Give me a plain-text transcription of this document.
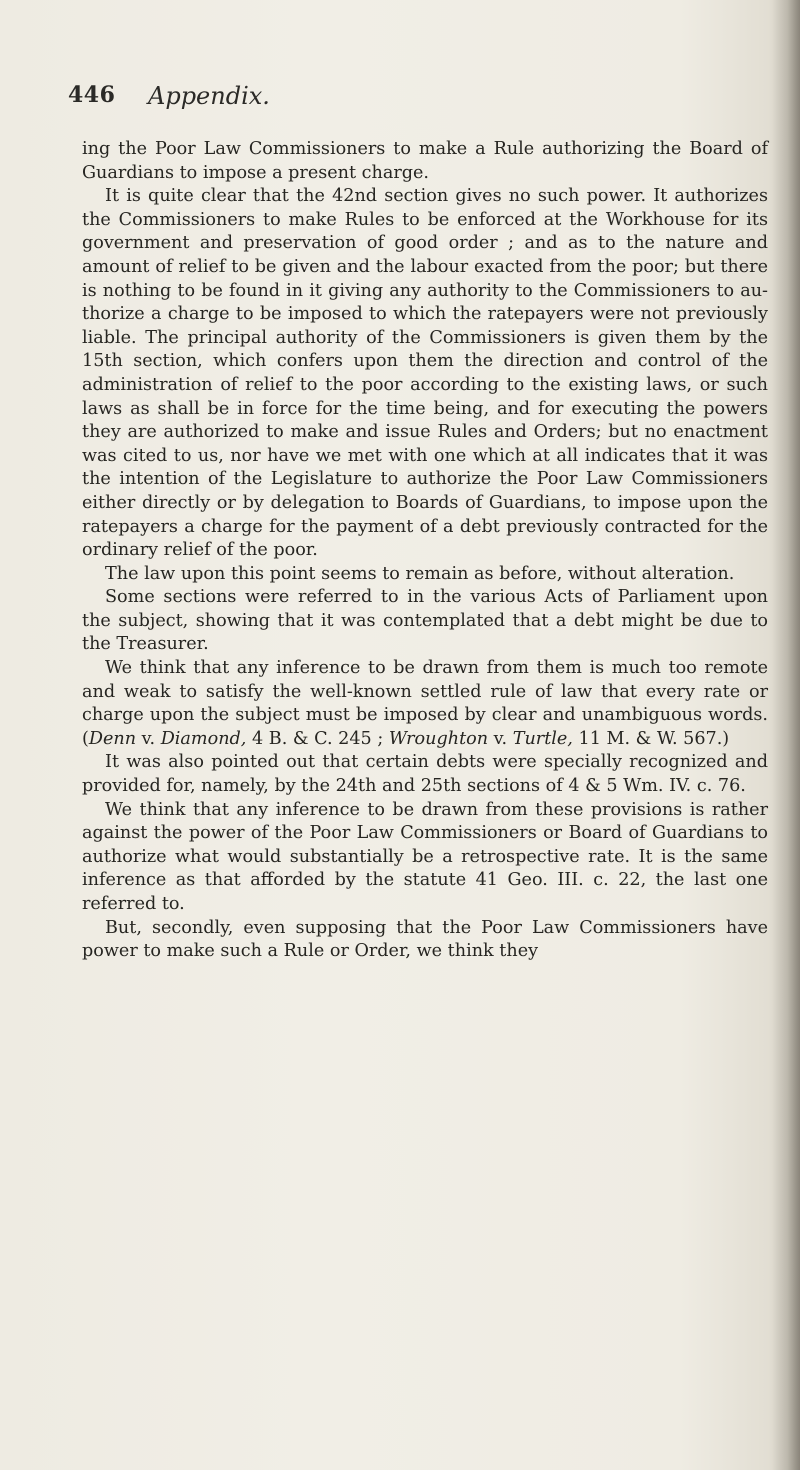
446 Appendix.

ing the Poor Law Commissioners to make a Rule authorizing the Board of Guardians to impose a present charge.

It is quite clear that the 42nd section gives no such power. It authorizes the Commissioners to make Rules to be enforced at the Workhouse for its government and preservation of good order ; and as to the nature and amount of relief to be given and the labour exacted from the poor; but there is nothing to be found in it giving any authority to the Commissioners to authorize a charge to be imposed to which the ratepayers were not previously liable. The principal authority of the Commissioners is given them by the 15th section, which confers upon them the direction and control of the administration of relief to the poor according to the existing laws, or such laws as shall be in force for the time being, and for executing the powers they are authorized to make and issue Rules and Orders; but no enactment was cited to us, nor have we met with one which at all indicates that it was the intention of the Legislature to authorize the Poor Law Commissioners either directly or by delegation to Boards of Guardians, to impose upon the ratepayers a charge for the payment of a debt previously contracted for the ordinary relief of the poor.

The law upon this point seems to remain as before, without alteration.

Some sections were referred to in the various Acts of Parliament upon the subject, showing that it was contemplated that a debt might be due to the Treasurer.

We think that any inference to be drawn from them is much too remote and weak to satisfy the well-known settled rule of law that every rate or charge upon the subject must be imposed by clear and unambiguous words. (Denn v. Diamond, 4 B. & C. 245 ; Wroughton v. Turtle, 11 M. & W. 567.)

It was also pointed out that certain debts were specially recognized and provided for, namely, by the 24th and 25th sections of 4 & 5 Wm. IV. c. 76.

We think that any inference to be drawn from these provisions is rather against the power of the Poor Law Commissioners or Board of Guardians to authorize what would substantially be a retrospective rate. It is the same inference as that afforded by the statute 41 Geo. III. c. 22, the last one referred to.

But, secondly, even supposing that the Poor Law Commissioners have power to make such a Rule or Order, we think they
